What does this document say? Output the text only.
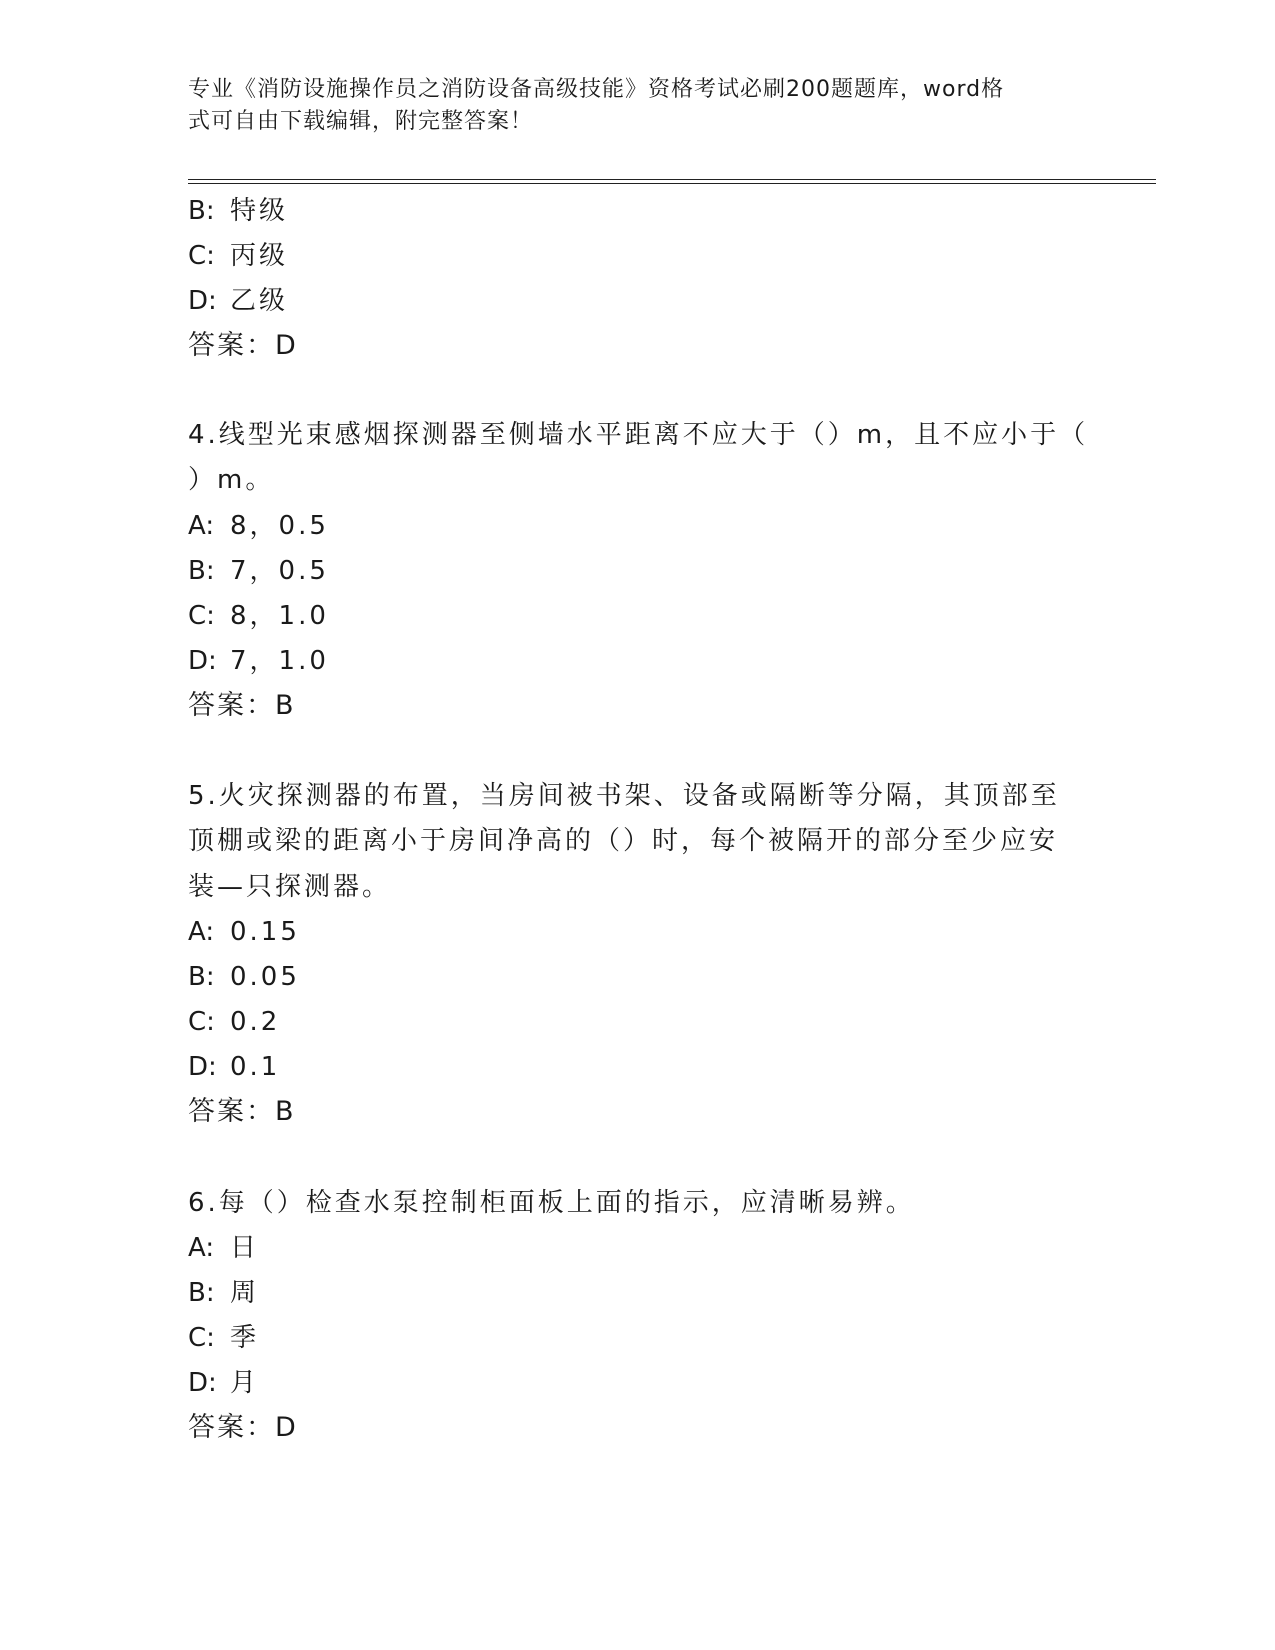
专业《消防设施操作员之消防设备高级技能》资格考试必刷200题题库，word格
式可自由下载编辑，附完整答案！
B: 特级
C: 丙级
D: 乙级
答案：D
4.线型光束感烟探测器至侧墙水平距离不应大于（）m，且不应小于（
）m。
A: 8，0.5
B: 7，0.5
C: 8，1.0
D: 7，1.0
答案：B
5.火灾探测器的布置，当房间被书架、设备或隔断等分隔，其顶部至
顶棚或梁的距离小于房间净高的（）时，每个被隔开的部分至少应安
装—只探测器。
A: 0.15
B: 0.05
C: 0.2
D: 0.1
答案：B
6.每（）检查水泵控制柜面板上面的指示，应清晰易辨。
A: 日
B: 周
C: 季
D: 月
答案：D
